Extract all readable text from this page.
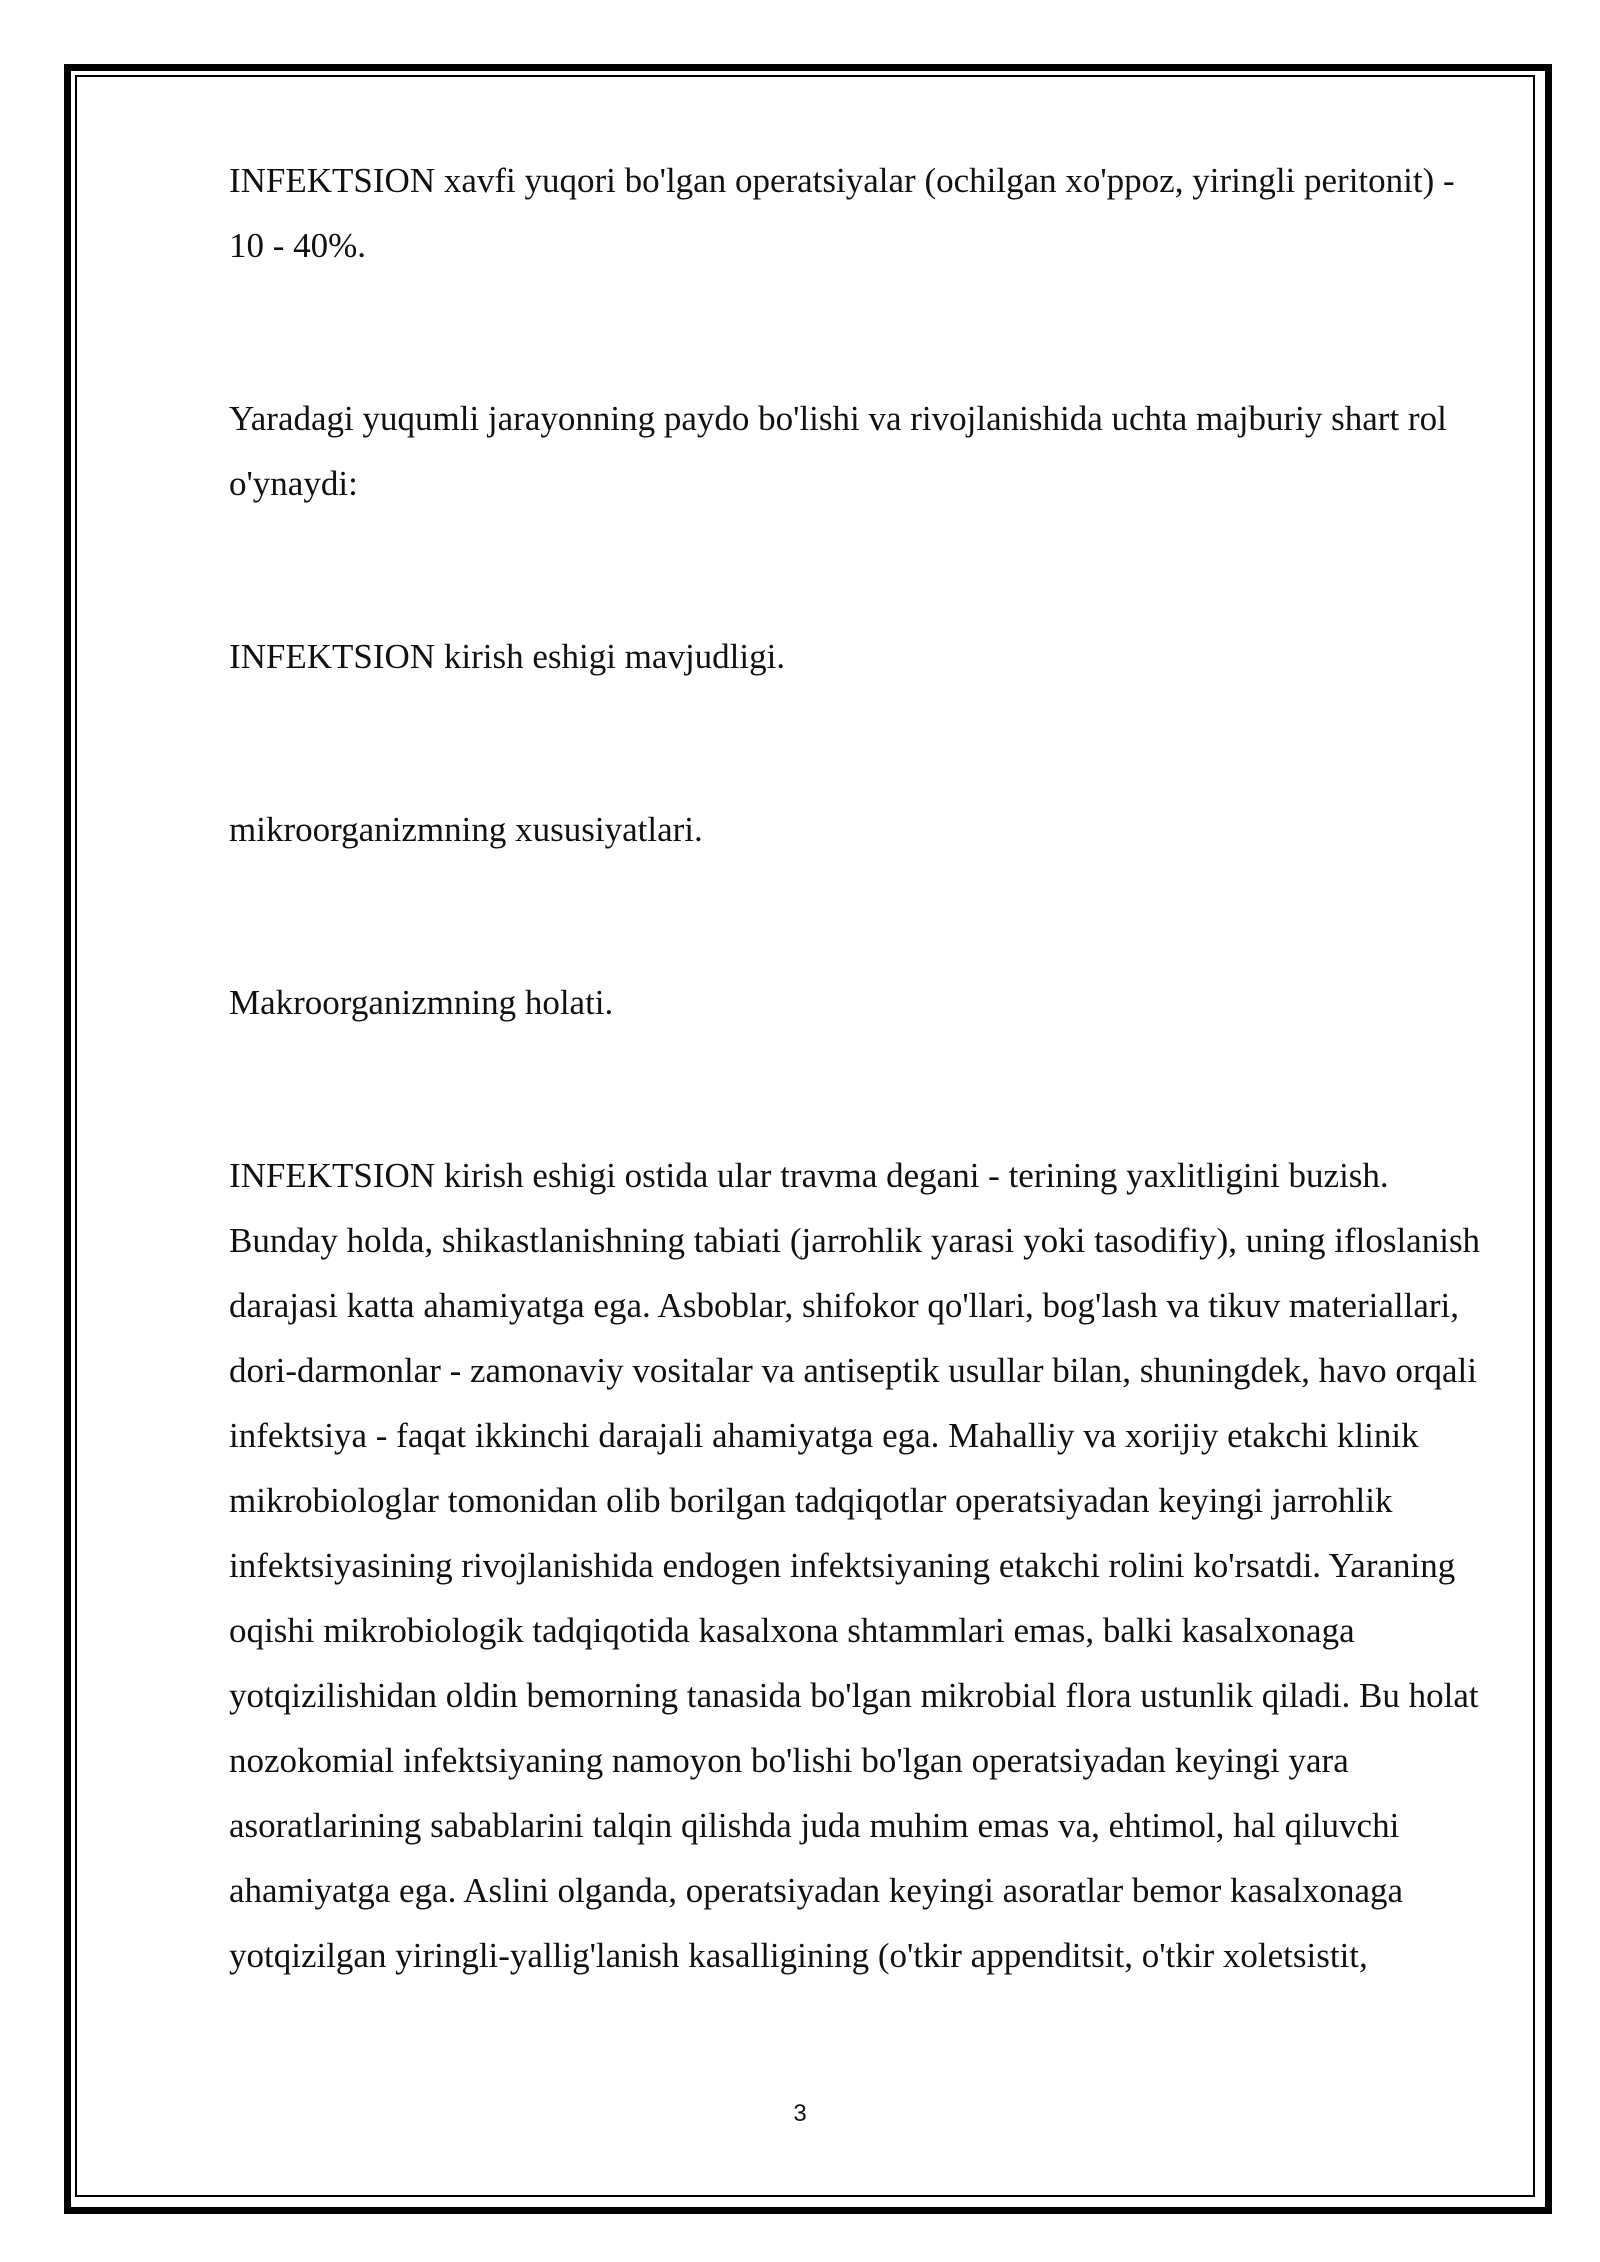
INFEKTSION xavfi yuqori bo'lgan operatsiyalar (ochilgan xo'ppoz, yiringli peritonit) - 10 - 40%.

Yaradagi yuqumli jarayonning paydo bo'lishi va rivojlanishida uchta majburiy shart rol o'ynaydi:

INFEKTSION kirish eshigi mavjudligi.

mikroorganizmning xususiyatlari.

Makroorganizmning holati.

INFEKTSION kirish eshigi ostida ular travma degani - terining yaxlitligini buzish. Bunday holda, shikastlanishning tabiati (jarrohlik yarasi yoki tasodifiy), uning ifloslanish darajasi katta ahamiyatga ega. Asboblar, shifokor qo'llari, bog'lash va tikuv materiallari, dori-darmonlar - zamonaviy vositalar va antiseptik usullar bilan, shuningdek, havo orqali infektsiya - faqat ikkinchi darajali ahamiyatga ega. Mahalliy va xorijiy etakchi klinik mikrobiologlar tomonidan olib borilgan tadqiqotlar operatsiyadan keyingi jarrohlik infektsiyasining rivojlanishida endogen infektsiyaning etakchi rolini ko'rsatdi. Yaraning oqishi mikrobiologik tadqiqotida kasalxona shtammlari emas, balki kasalxonaga yotqizilishidan oldin bemorning tanasida bo'lgan mikrobial flora ustunlik qiladi. Bu holat nozokomial infektsiyaning namoyon bo'lishi bo'lgan operatsiyadan keyingi yara asoratlarining sabablarini talqin qilishda juda muhim emas va, ehtimol, hal qiluvchi ahamiyatga ega. Aslini olganda, operatsiyadan keyingi asoratlar bemor kasalxonaga yotqizilgan yiringli-yallig'lanish kasalligining (o'tkir appenditsit, o'tkir xoletsistit,

3
